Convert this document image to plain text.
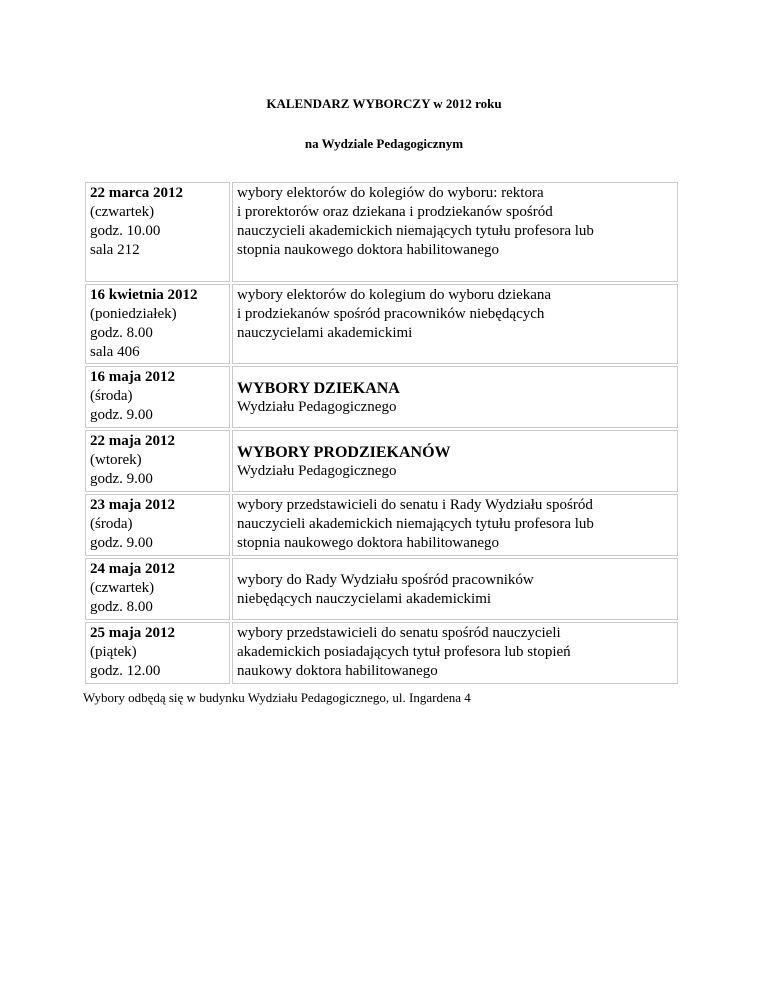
KALENDARZ WYBORCZY w 2012 roku
na Wydziale Pedagogicznym
22 marca 2012
(czwartek)
godz. 10.00
sala 212	wybory elektorów do kolegiów do wyboru: rektora
i prorektorów oraz dziekana i prodziekanów spośród
nauczycieli akademickich niemających tytułu profesora lub
stopnia naukowego doktora habilitowanego

16 kwietnia 2012
(poniedziałek)
godz. 8.00
sala 406	wybory elektorów do kolegium do wyboru dziekana
i prodziekanów spośród pracowników niebędących
nauczycielami akademickimi

16 maja 2012
(środa)
godz. 9.00	WYBORY DZIEKANA
Wydziału Pedagogicznego

22 maja 2012
(wtorek)
godz. 9.00	WYBORY PRODZIEKANÓW
Wydziału Pedagogicznego

23 maja 2012
(środa)
godz. 9.00	wybory przedstawicieli do senatu i Rady Wydziału spośród
nauczycieli akademickich niemających tytułu profesora lub
stopnia naukowego doktora habilitowanego

24 maja 2012
(czwartek)
godz. 8.00	wybory do Rady Wydziału spośród pracowników
niebędących nauczycielami akademickimi

25 maja 2012
(piątek)
godz. 12.00	wybory przedstawicieli do senatu spośród nauczycieli
akademickich posiadających tytuł profesora lub stopień
naukowy doktora habilitowanego
Wybory odbędą się w budynku Wydziału Pedagogicznego, ul. Ingardena 4
